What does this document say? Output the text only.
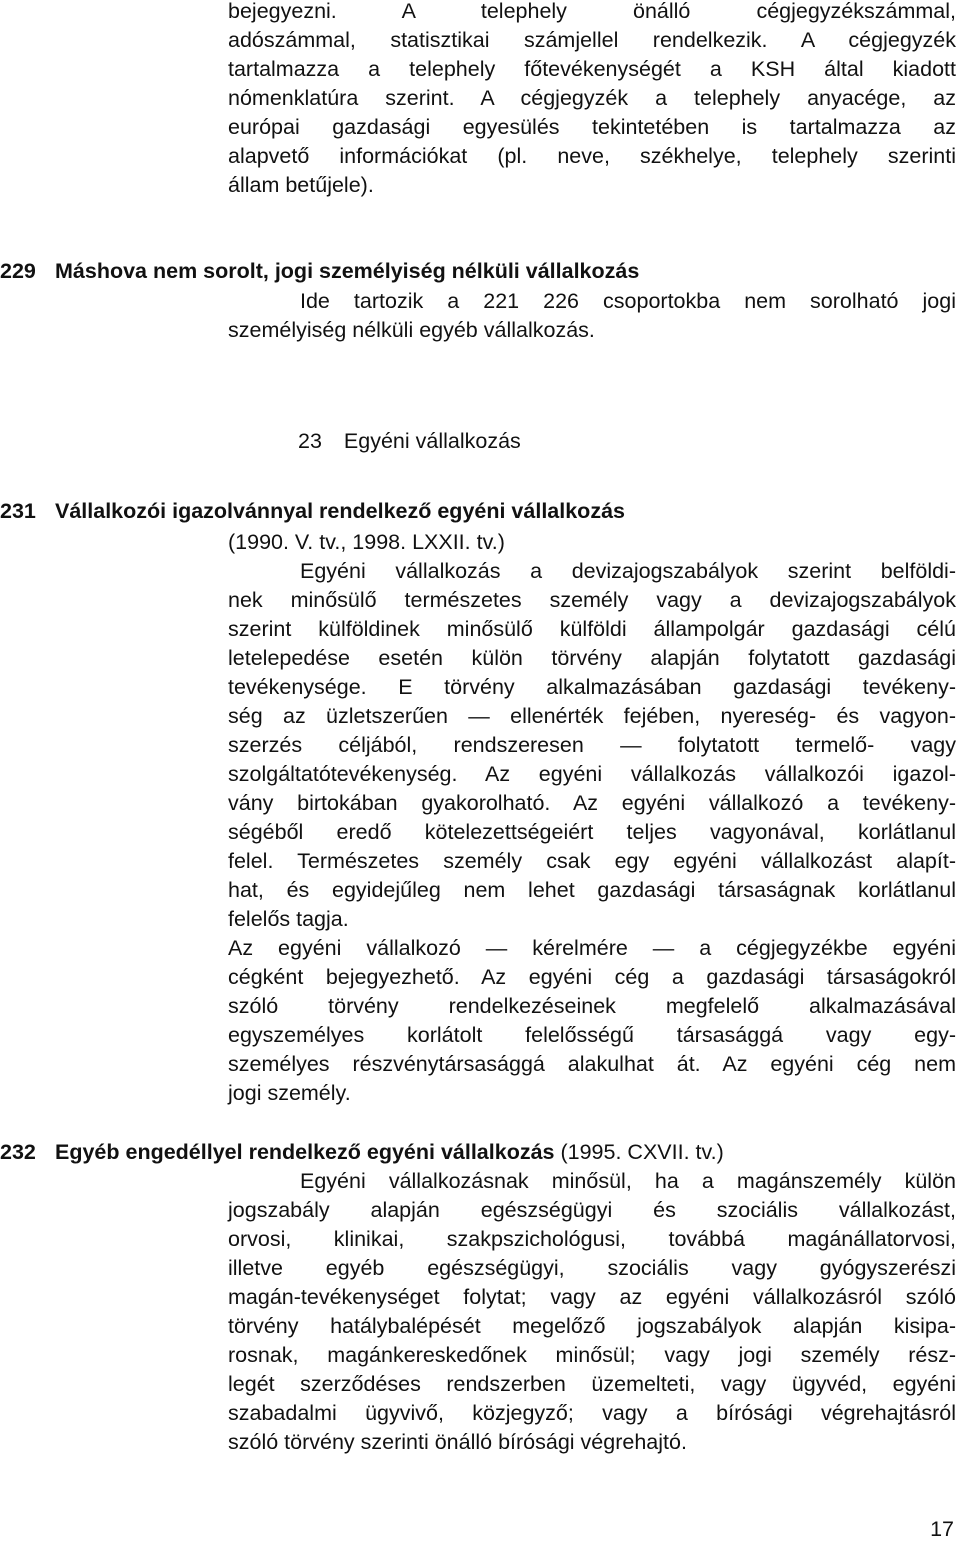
bejegyezni. A telephely önálló cégjegyzékszámmal,
adószámmal, statisztikai számjellel rendelkezik. A cégjegyzék
tartalmazza a telephely főtevékenységét a KSH által kiadott
nómenklatúra szerint. A cégjegyzék a telephely anyacége, az
európai gazdasági egyesülés tekintetében is tartalmazza az
alapvető információkat (pl. neve, székhelye, telephely szerinti
állam betűjele).
229 Máshova nem sorolt, jogi személyiség nélküli vállalkozás
Ide tartozik a 221 226 csoportokba nem sorolható jogi
személyiség nélküli egyéb vállalkozás.
23 Egyéni vállalkozás
231 Vállalkozói igazolvánnyal rendelkező egyéni vállalkozás
(1990. V. tv., 1998. LXXII. tv.)
Egyéni vállalkozás a devizajogszabályok szerint belföldi-
nek minősülő természetes személy vagy a devizajogszabályok
szerint külföldinek minősülő külföldi állampolgár gazdasági célú
letelepedése esetén külön törvény alapján folytatott gazdasági
tevékenysége. E törvény alkalmazásában gazdasági tevékeny-
ség az üzletszerűen — ellenérték fejében, nyereség- és vagyon-
szerzés céljából, rendszeresen — folytatott termelő- vagy
szolgáltatótevékenység. Az egyéni vállalkozás vállalkozói igazol-
vány birtokában gyakorolható. Az egyéni vállalkozó a tevékeny-
ségéből eredő kötelezettségeiért teljes vagyonával, korlátlanul
felel. Természetes személy csak egy egyéni vállalkozást alapít-
hat, és egyidejűleg nem lehet gazdasági társaságnak korlátlanul
felelős tagja.
Az egyéni vállalkozó — kérelmére — a cégjegyzékbe egyéni
cégként bejegyezhető. Az egyéni cég a gazdasági társaságokról
szóló törvény rendelkezéseinek megfelelő alkalmazásával
egyszemélyes korlátolt felelősségű társasággá vagy egy-
személyes részvénytársasággá alakulhat át. Az egyéni cég nem
jogi személy.
232 Egyéb engedéllyel rendelkező egyéni vállalkozás (1995. CXVII. tv.)
Egyéni vállalkozásnak minősül, ha a magánszemély külön
jogszabály alapján egészségügyi és szociális vállalkozást,
orvosi, klinikai, szakpszichológusi, továbbá magánállatorvosi,
illetve egyéb egészségügyi, szociális vagy gyógyszerészi
magán-tevékenységet folytat; vagy az egyéni vállalkozásról szóló
törvény hatálybalépését megelőző jogszabályok alapján kisipa-
rosnak, magánkereskedőnek minősül; vagy jogi személy rész-
legét szerződéses rendszerben üzemelteti, vagy ügyvéd, egyéni
szabadalmi ügyvivő, közjegyző; vagy a bírósági végrehajtásról
szóló törvény szerinti önálló bírósági végrehajtó.
17
